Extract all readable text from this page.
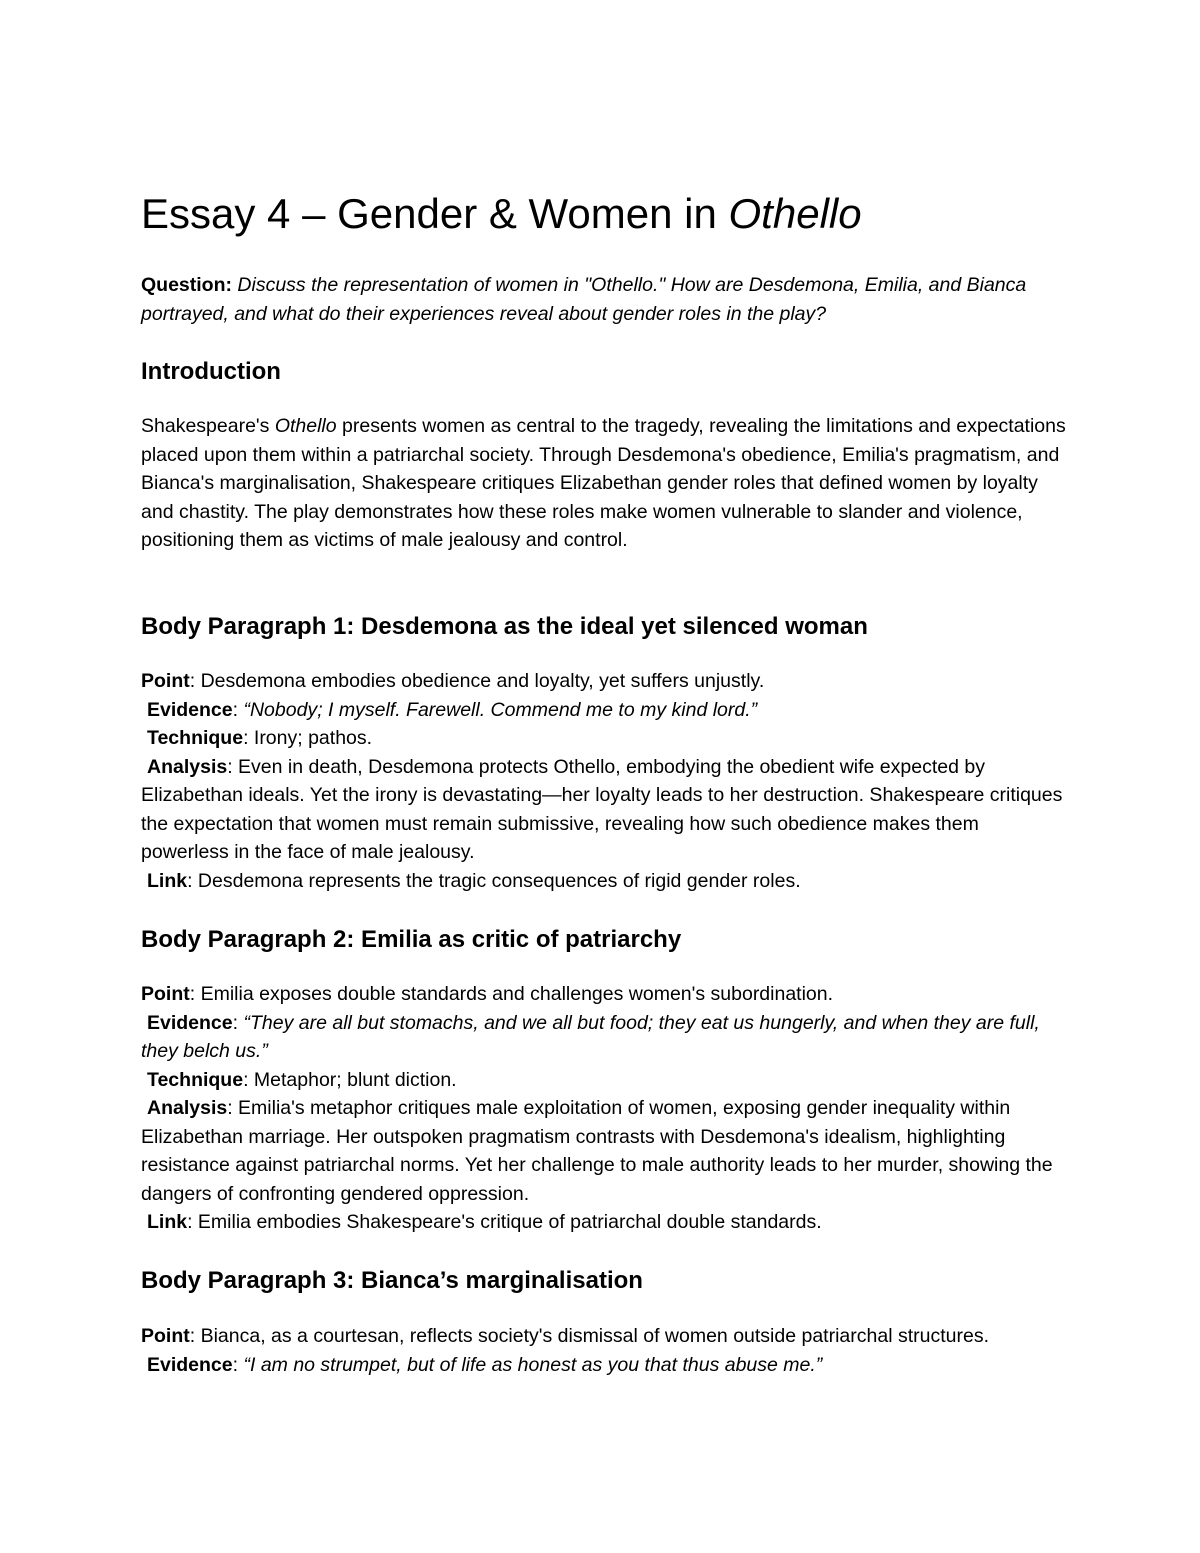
Essay 4 – Gender & Women in Othello

Question: Discuss the representation of women in "Othello." How are Desdemona, Emilia, and Bianca portrayed, and what do their experiences reveal about gender roles in the play?

Introduction

Shakespeare's Othello presents women as central to the tragedy, revealing the limitations and expectations placed upon them within a patriarchal society. Through Desdemona's obedience, Emilia's pragmatism, and Bianca's marginalisation, Shakespeare critiques Elizabethan gender roles that defined women by loyalty and chastity. The play demonstrates how these roles make women vulnerable to slander and violence, positioning them as victims of male jealousy and control.

Body Paragraph 1: Desdemona as the ideal yet silenced woman

Point: Desdemona embodies obedience and loyalty, yet suffers unjustly.

Evidence: “Nobody; I myself. Farewell. Commend me to my kind lord.”

Technique: Irony; pathos.

Analysis: Even in death, Desdemona protects Othello, embodying the obedient wife expected by Elizabethan ideals. Yet the irony is devastating—her loyalty leads to her destruction. Shakespeare critiques the expectation that women must remain submissive, revealing how such obedience makes them powerless in the face of male jealousy.

Link: Desdemona represents the tragic consequences of rigid gender roles.

Body Paragraph 2: Emilia as critic of patriarchy

Point: Emilia exposes double standards and challenges women's subordination.

Evidence: “They are all but stomachs, and we all but food; they eat us hungerly, and when they are full, they belch us.”

Technique: Metaphor; blunt diction.

Analysis: Emilia's metaphor critiques male exploitation of women, exposing gender inequality within Elizabethan marriage. Her outspoken pragmatism contrasts with Desdemona's idealism, highlighting resistance against patriarchal norms. Yet her challenge to male authority leads to her murder, showing the dangers of confronting gendered oppression.

Link: Emilia embodies Shakespeare's critique of patriarchal double standards.

Body Paragraph 3: Bianca’s marginalisation

Point: Bianca, as a courtesan, reflects society's dismissal of women outside patriarchal structures.

Evidence: “I am no strumpet, but of life as honest as you that thus abuse me.”
